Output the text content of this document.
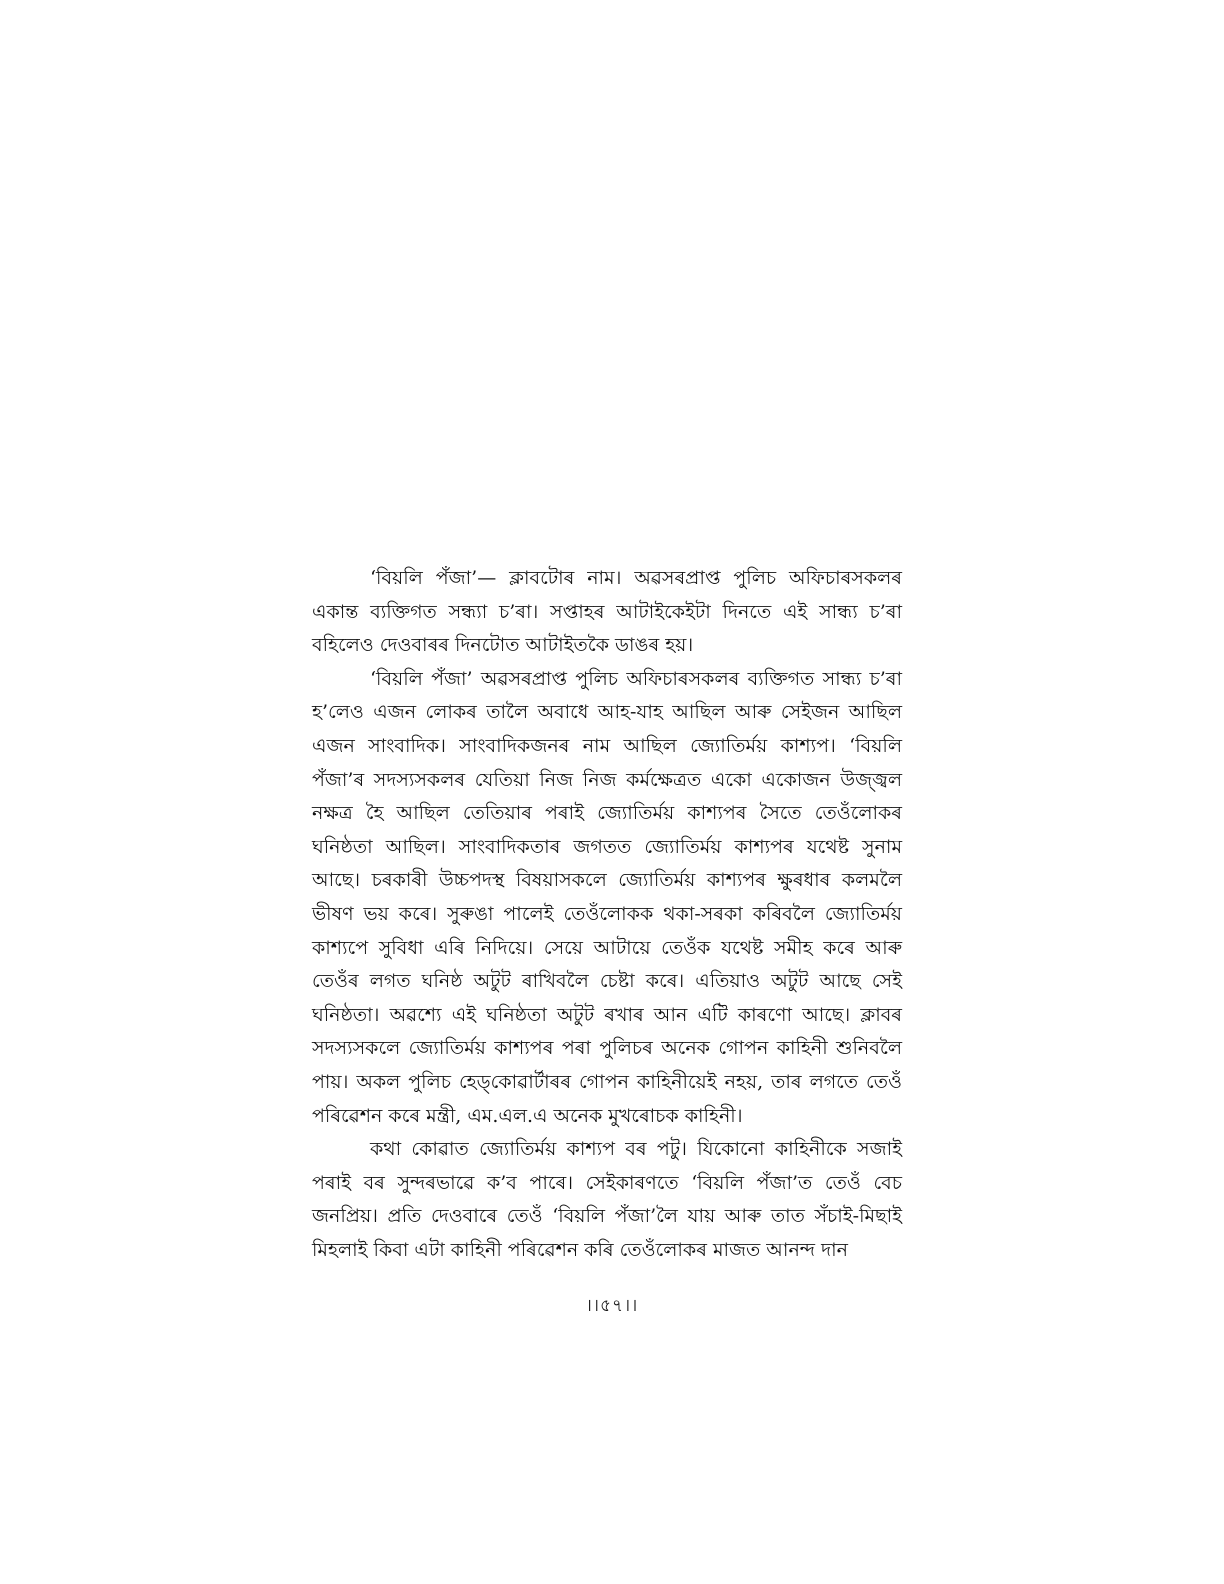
‘বিয়লি পঁজা’— ক্লাবটোৰ নাম। অৱসৰপ্ৰাপ্ত পুলিচ অফিচাৰসকলৰ একান্ত ব্যক্তিগত সন্ধ্যা চ’ৰা। সপ্তাহৰ আটাইকেইটা দিনতে এই সান্ধ্য চ’ৰা বহিলেও দেওবাৰৰ দিনটোত আটাইতকৈ ডাঙৰ হয়।

‘বিয়লি পঁজা’ অৱসৰপ্ৰাপ্ত পুলিচ অফিচাৰসকলৰ ব্যক্তিগত সান্ধ্য চ’ৰা হ’লেও এজন লোকৰ তালৈ অবাধে আহ-যাহ আছিল আৰু সেইজন আছিল এজন সাংবাদিক। সাংবাদিকজনৰ নাম আছিল জ্যোতিৰ্ময় কাশ্যপ। ‘বিয়লি পঁজা’ৰ সদস্যসকলৰ যেতিয়া নিজ নিজ কৰ্মক্ষেত্ৰত একো একোজন উজ্জ্বল নক্ষত্ৰ হৈ আছিল তেতিয়াৰ পৰাই জ্যোতিৰ্ময় কাশ্যপৰ সৈতে তেওঁলোকৰ ঘনিষ্ঠতা আছিল। সাংবাদিকতাৰ জগতত জ্যোতিৰ্ময় কাশ্যপৰ যথেষ্ট সুনাম আছে। চৰকাৰী উচ্চপদস্থ বিষয়াসকলে জ্যোতিৰ্ময় কাশ্যপৰ ক্ষুৰধাৰ কলমলৈ ভীষণ ভয় কৰে। সুৰুঙা পালেই তেওঁলোকক থকা-সৰকা কৰিবলৈ জ্যোতিৰ্ময় কাশ্যপে সুবিধা এৰি নিদিয়ে। সেয়ে আটায়ে তেওঁক যথেষ্ট সমীহ কৰে আৰু তেওঁৰ লগত ঘনিষ্ঠ অটুট ৰাখিবলৈ চেষ্টা কৰে। এতিয়াও অটুট আছে সেই ঘনিষ্ঠতা। অৱশ্যে এই ঘনিষ্ঠতা অটুট ৰখাৰ আন এটি কাৰণো আছে। ক্লাবৰ সদস্যসকলে জ্যোতিৰ্ময় কাশ্যপৰ পৰা পুলিচৰ অনেক গোপন কাহিনী শুনিবলৈ পায়। অকল পুলিচ হেড্‌কোৱাৰ্টাৰৰ গোপন কাহিনীয়েই নহয়, তাৰ লগতে তেওঁ পৰিৱেশন কৰে মন্ত্ৰী, এম.এল.এ অনেক মুখৰোচক কাহিনী।

কথা কোৱাত জ্যোতিৰ্ময় কাশ্যপ বৰ পটু। যিকোনো কাহিনীকে সজাই পৰাই বৰ সুন্দৰভাৱে ক’ব পাৰে। সেইকাৰণতে ‘বিয়লি পঁজা’ত তেওঁ বেচ জনপ্ৰিয়। প্ৰতি দেওবাৰে তেওঁ ‘বিয়লি পঁজা’লৈ যায় আৰু তাত সঁচাই-মিছাই মিহলাই কিবা এটা কাহিনী পৰিৱেশন কৰি তেওঁলোকৰ মাজত আনন্দ দান

।।৫৭।।
